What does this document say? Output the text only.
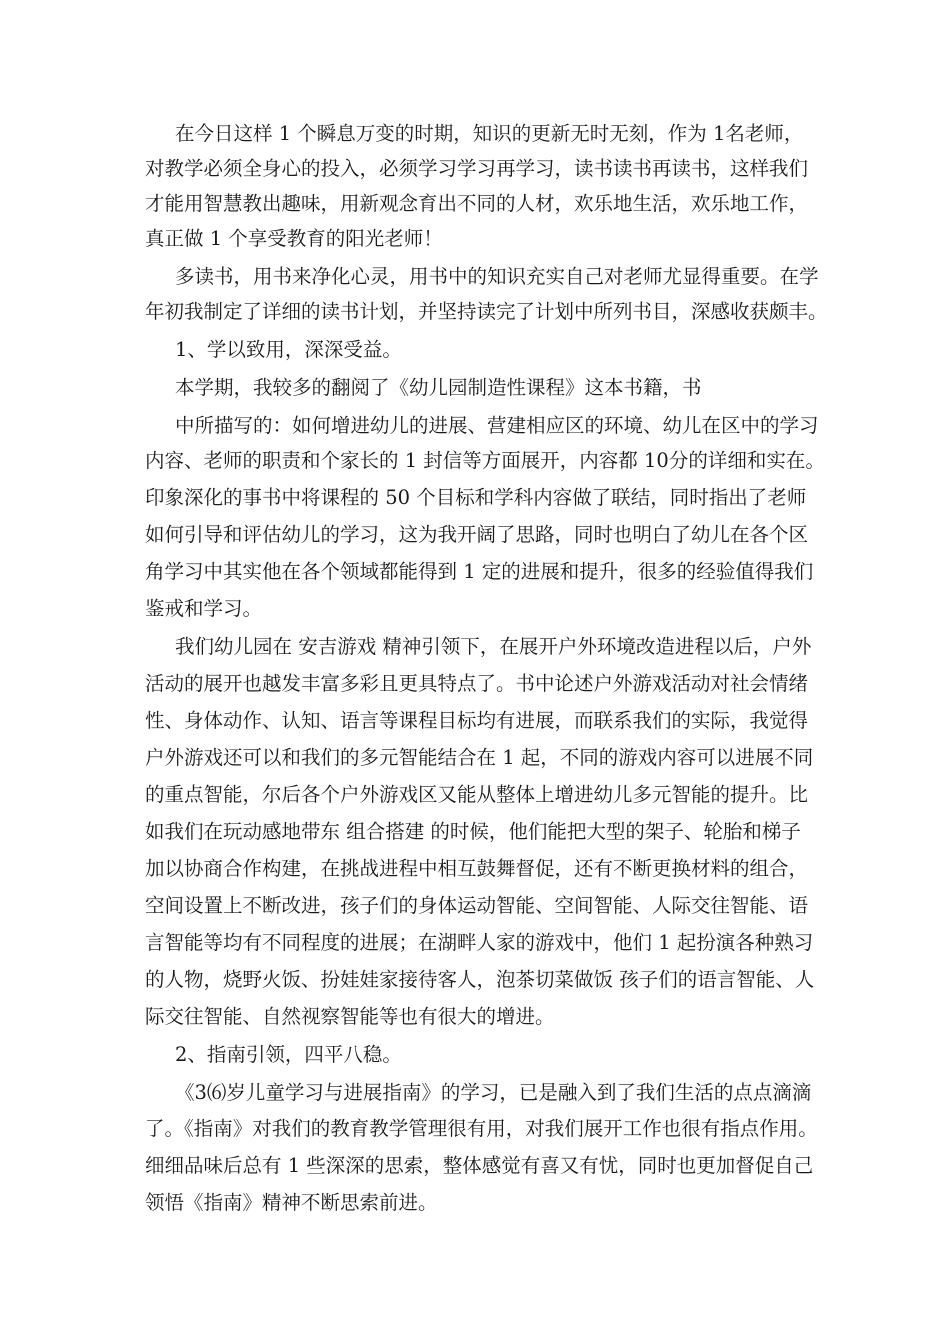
在今日这样 1 个瞬息万变的时期，知识的更新无时无刻，作为 1名老师，
对教学必须全身心的投入，必须学习学习再学习，读书读书再读书，这样我们
才能用智慧教出趣味，用新观念育出不同的人材，欢乐地生活，欢乐地工作，
真正做 1 个享受教育的阳光老师！
多读书，用书来净化心灵，用书中的知识充实自己对老师尤显得重要。在学
年初我制定了详细的读书计划，并坚持读完了计划中所列书目，深感收获颇丰。
1、学以致用，深深受益。
本学期，我较多的翻阅了《幼儿园制造性课程》这本书籍，书
中所描写的：如何增进幼儿的进展、营建相应区的环境、幼儿在区中的学习
内容、老师的职责和个家长的 1 封信等方面展开，内容都 10分的详细和实在。
印象深化的事书中将课程的 50 个目标和学科内容做了联结，同时指出了老师
如何引导和评估幼儿的学习，这为我开阔了思路，同时也明白了幼儿在各个区
角学习中其实他在各个领域都能得到 1 定的进展和提升，很多的经验值得我们
鉴戒和学习。
我们幼儿园在 安吉游戏 精神引领下，在展开户外环境改造进程以后，户外
活动的展开也越发丰富多彩且更具特点了。书中论述户外游戏活动对社会情绪
性、身体动作、认知、语言等课程目标均有进展，而联系我们的实际，我觉得
户外游戏还可以和我们的多元智能结合在 1 起，不同的游戏内容可以进展不同
的重点智能，尔后各个户外游戏区又能从整体上增进幼儿多元智能的提升。比
如我们在玩动感地带东 组合搭建 的时候，他们能把大型的架子、轮胎和梯子
加以协商合作构建，在挑战进程中相互鼓舞督促，还有不断更换材料的组合，
空间设置上不断改进，孩子们的身体运动智能、空间智能、人际交往智能、语
言智能等均有不同程度的进展；在湖畔人家的游戏中，他们 1 起扮演各种熟习
的人物，烧野火饭、扮娃娃家接待客人，泡茶切菜做饭 孩子们的语言智能、人
际交往智能、自然视察智能等也有很大的增进。
2、指南引领，四平八稳。
《3⑹岁儿童学习与进展指南》的学习，已是融入到了我们生活的点点滴滴
了。《指南》对我们的教育教学管理很有用，对我们展开工作也很有指点作用。
细细品味后总有 1 些深深的思索，整体感觉有喜又有忧，同时也更加督促自己
领悟《指南》精神不断思索前进。
